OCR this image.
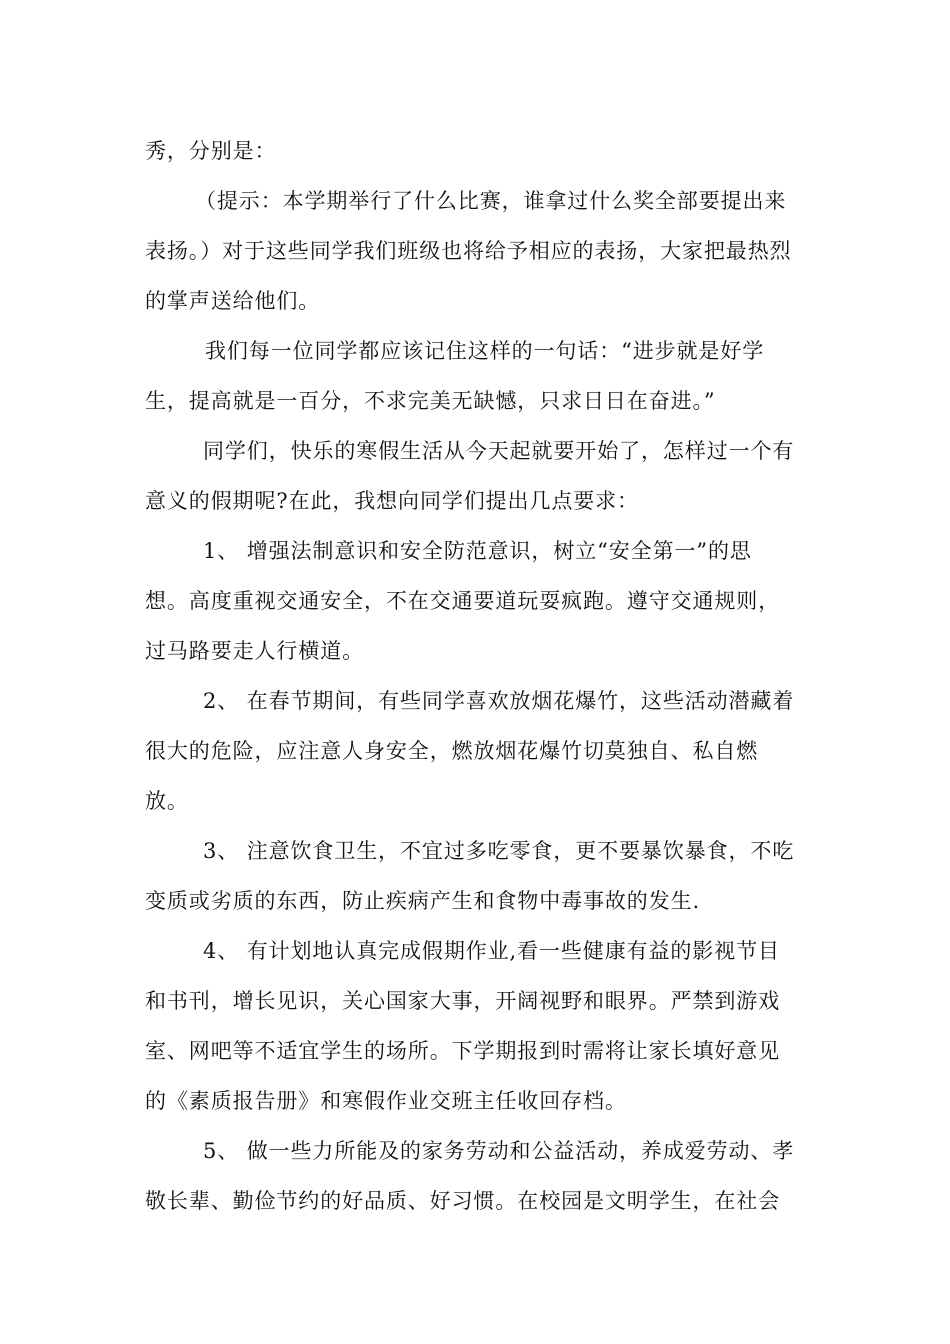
秀，分别是：

（提示：本学期举行了什么比赛，谁拿过什么奖全部要提出来
表扬。）对于这些同学我们班级也将给予相应的表扬，大家把最热烈
的掌声送给他们。

我们每一位同学都应该记住这样的一句话：“进步就是好学
生，提高就是一百分，不求完美无缺憾，只求日日在奋进。”

同学们，快乐的寒假生活从今天起就要开始了，怎样过一个有
意义的假期呢?在此，我想向同学们提出几点要求：

1、 增强法制意识和安全防范意识，树立“安全第一”的思
想。高度重视交通安全，不在交通要道玩耍疯跑。遵守交通规则，
过马路要走人行横道。

2、 在春节期间，有些同学喜欢放烟花爆竹，这些活动潜藏着
很大的危险，应注意人身安全，燃放烟花爆竹切莫独自、私自燃
放。

3、 注意饮食卫生，不宜过多吃零食，更不要暴饮暴食，不吃
变质或劣质的东西，防止疾病产生和食物中毒事故的发生.

4、 有计划地认真完成假期作业,看一些健康有益的影视节目
和书刊，增长见识，关心国家大事，开阔视野和眼界。严禁到游戏
室、网吧等不适宜学生的场所。下学期报到时需将让家长填好意见
的《素质报告册》和寒假作业交班主任收回存档。

5、 做一些力所能及的家务劳动和公益活动，养成爱劳动、孝
敬长辈、勤俭节约的好品质、好习惯。在校园是文明学生，在社会
